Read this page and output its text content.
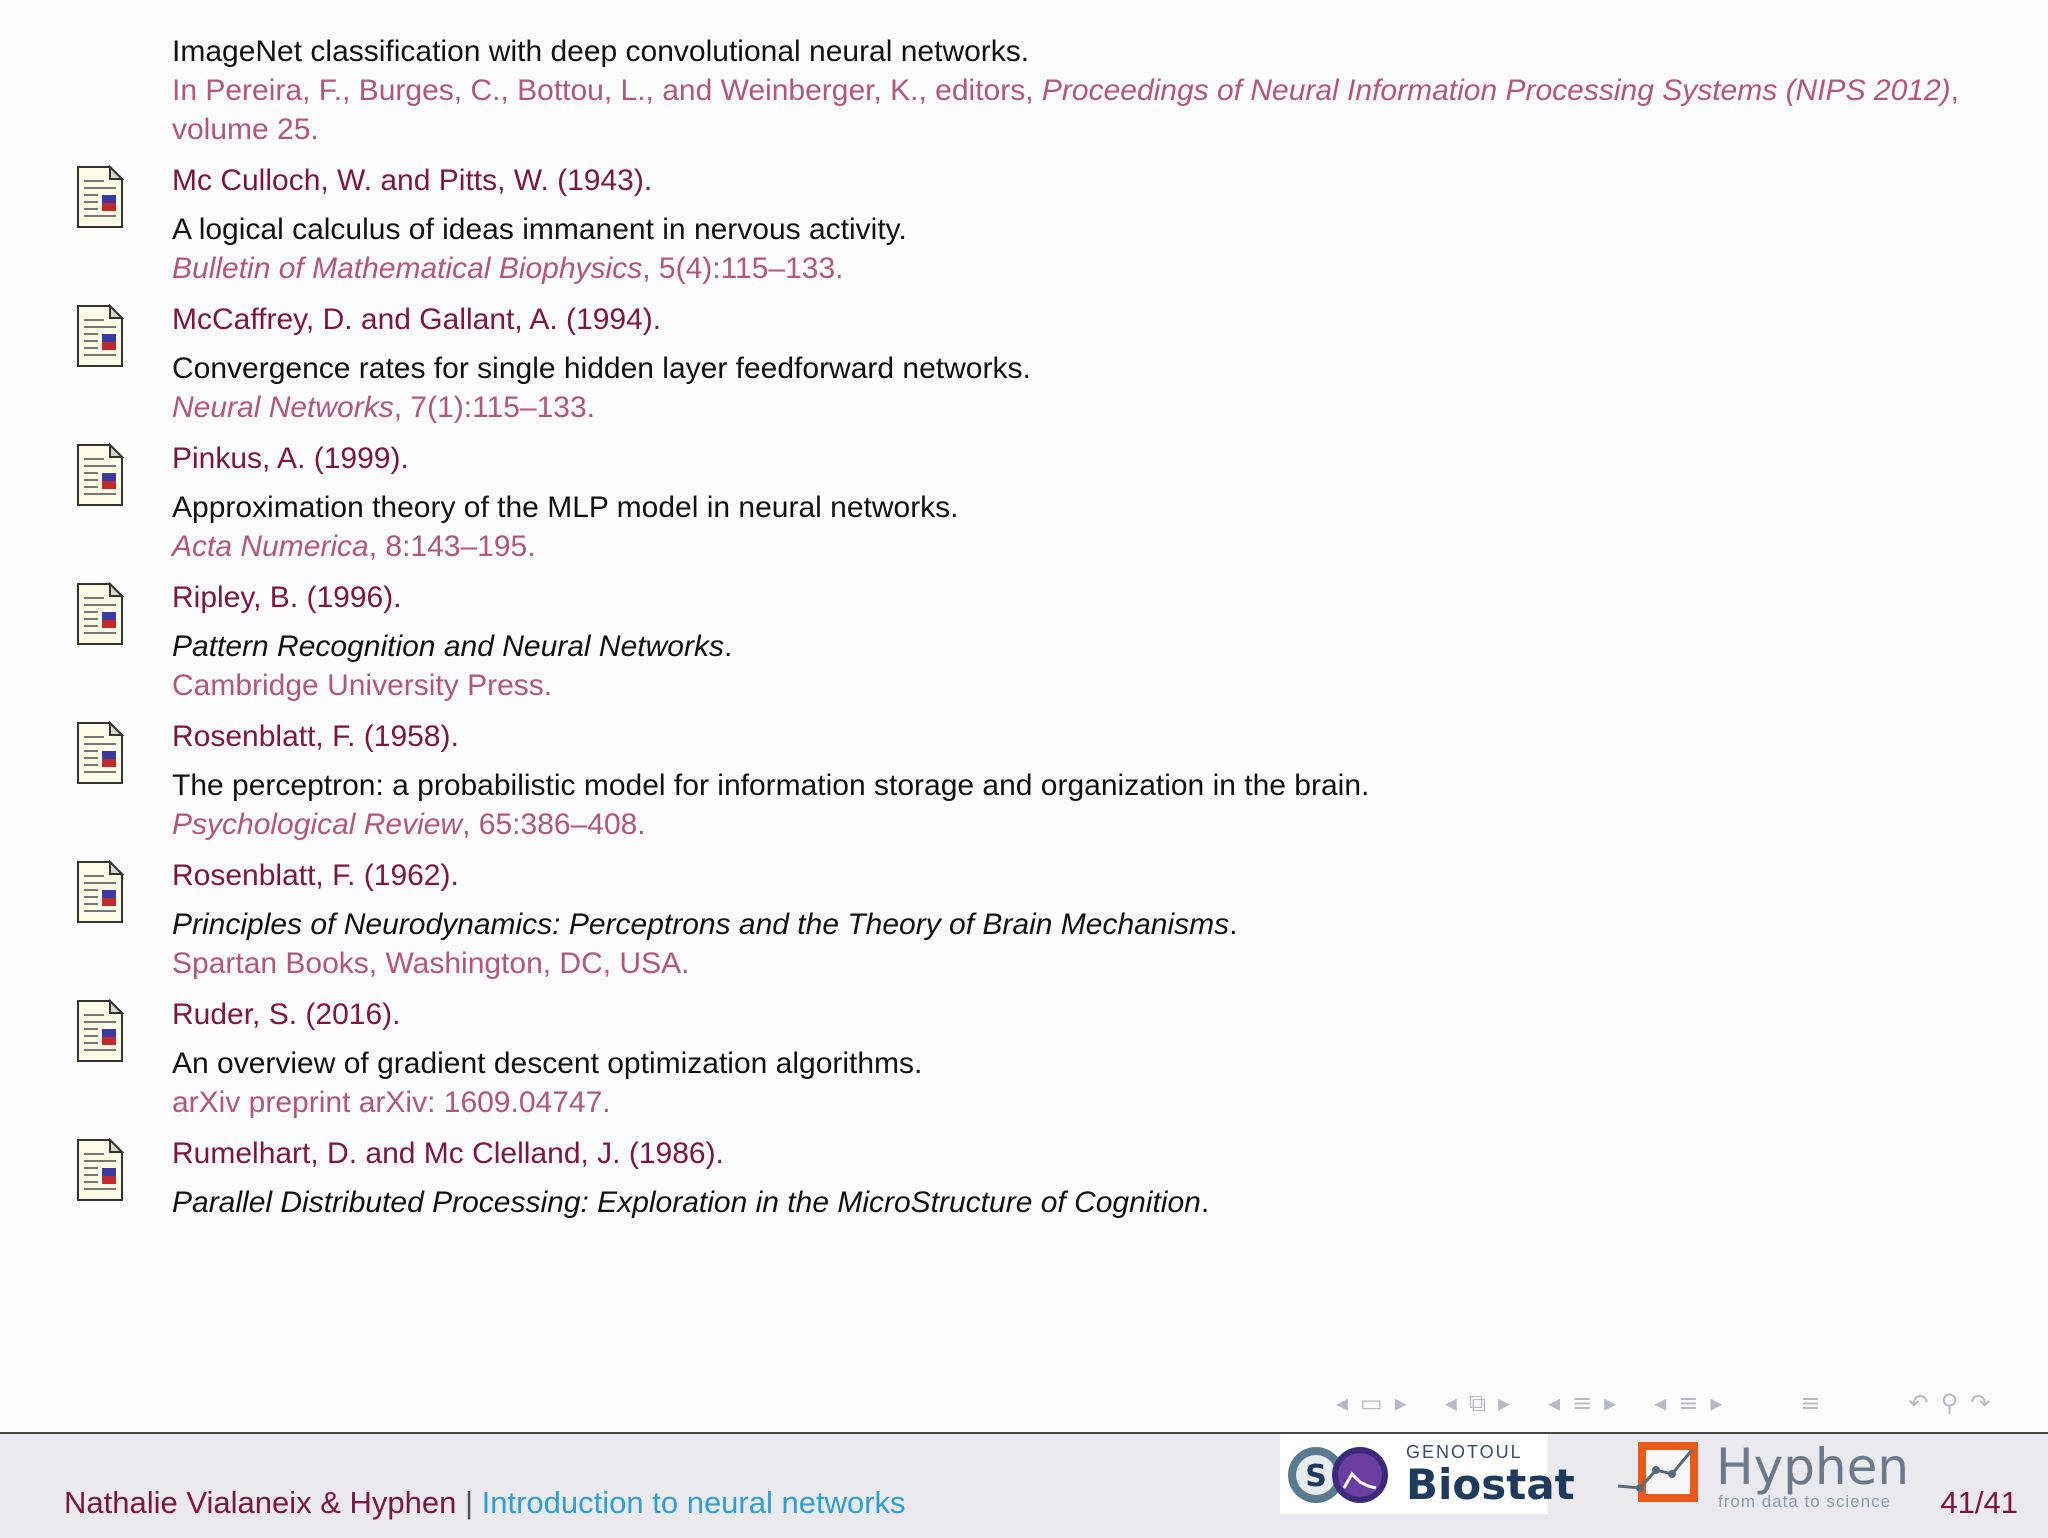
ImageNet classification with deep convolutional neural networks.
In Pereira, F., Burges, C., Bottou, L., and Weinberger, K., editors, Proceedings of Neural Information Processing Systems (NIPS 2012), volume 25.
Mc Culloch, W. and Pitts, W. (1943).
A logical calculus of ideas immanent in nervous activity.
Bulletin of Mathematical Biophysics, 5(4):115–133.
McCaffrey, D. and Gallant, A. (1994).
Convergence rates for single hidden layer feedforward networks.
Neural Networks, 7(1):115–133.
Pinkus, A. (1999).
Approximation theory of the MLP model in neural networks.
Acta Numerica, 8:143–195.
Ripley, B. (1996).
Pattern Recognition and Neural Networks.
Cambridge University Press.
Rosenblatt, F. (1958).
The perceptron: a probabilistic model for information storage and organization in the brain.
Psychological Review, 65:386–408.
Rosenblatt, F. (1962).
Principles of Neurodynamics: Perceptrons and the Theory of Brain Mechanisms.
Spartan Books, Washington, DC, USA.
Ruder, S. (2016).
An overview of gradient descent optimization algorithms.
arXiv preprint arXiv: 1609.04747.
Rumelhart, D. and Mc Clelland, J. (1986).
Parallel Distributed Processing: Exploration in the MicroStructure of Cognition.
◂ ▭ ▸ ◂ ⧉ ▸ ◂ ≡ ▸ ◂ ≡ ▸	≡	↶ ⚲ ↷
Nathalie Vialaneix & Hyphen | Introduction to neural networks
S
GENOTOUL
Biostat	Hyphen
from data to science 41/41
